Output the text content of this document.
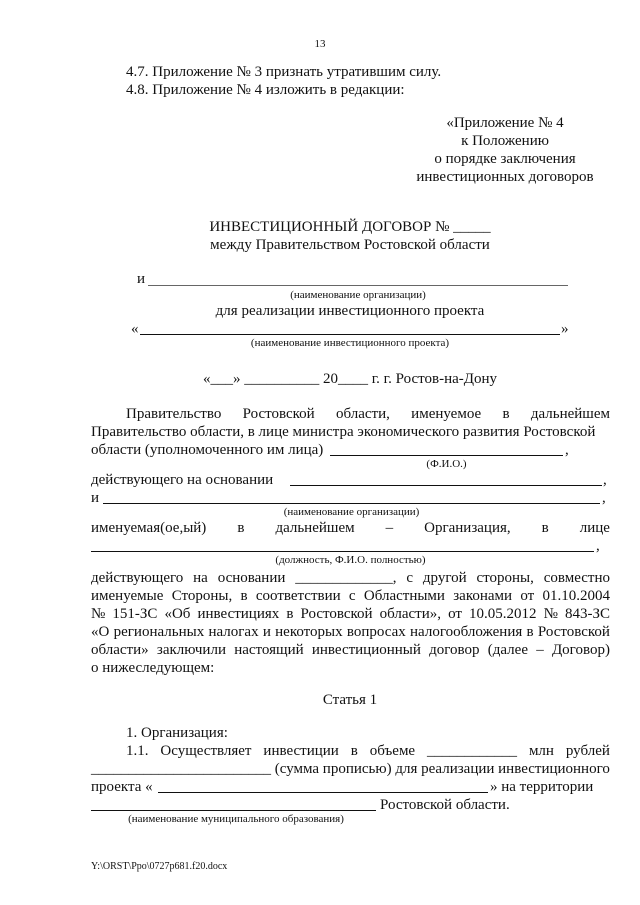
13
4.7. Приложение № 3 признать утратившим силу.
4.8. Приложение № 4 изложить в редакции:
«Приложение № 4
к Положению
о порядке заключения
инвестиционных договоров
ИНВЕСТИЦИОННЫЙ ДОГОВОР № _____
между Правительством Ростовской области
и
(наименование организации)
для реализации инвестиционного проекта
«	»
(наименование инвестиционного проекта)
«___» __________ 20____ г. г. Ростов-на-Дону
Правительство Ростовской области, именуемое в дальнейшем
Правительство области, в лице министра экономического развития Ростовской
области (уполномоченного им лица)	,
(Ф.И.О.)
действующего на основании	,
и	,
(наименование организации)
именуемая(ое,ый) в дальнейшем – Организация, в лице
,
(должность, Ф.И.О. полностью)
действующего на основании _____________, с другой стороны, совместно
именуемые Стороны, в соответствии с Областными законами от 01.10.2004
№ 151-ЗС «Об инвестициях в Ростовской области», от 10.05.2012 № 843-ЗС
«О региональных налогах и некоторых вопросах налогообложения в Ростовской
области» заключили настоящий инвестиционный договор (далее – Договор)
о нижеследующем:
Статья 1
1. Организация:
1.1. Осуществляет инвестиции в объеме ____________ млн рублей
________________________ (сумма прописью) для реализации инвестиционного
проекта «	» на территории
Ростовской области.
(наименование муниципального образования)
Y:\ORST\Ppo\0727p681.f20.docx
